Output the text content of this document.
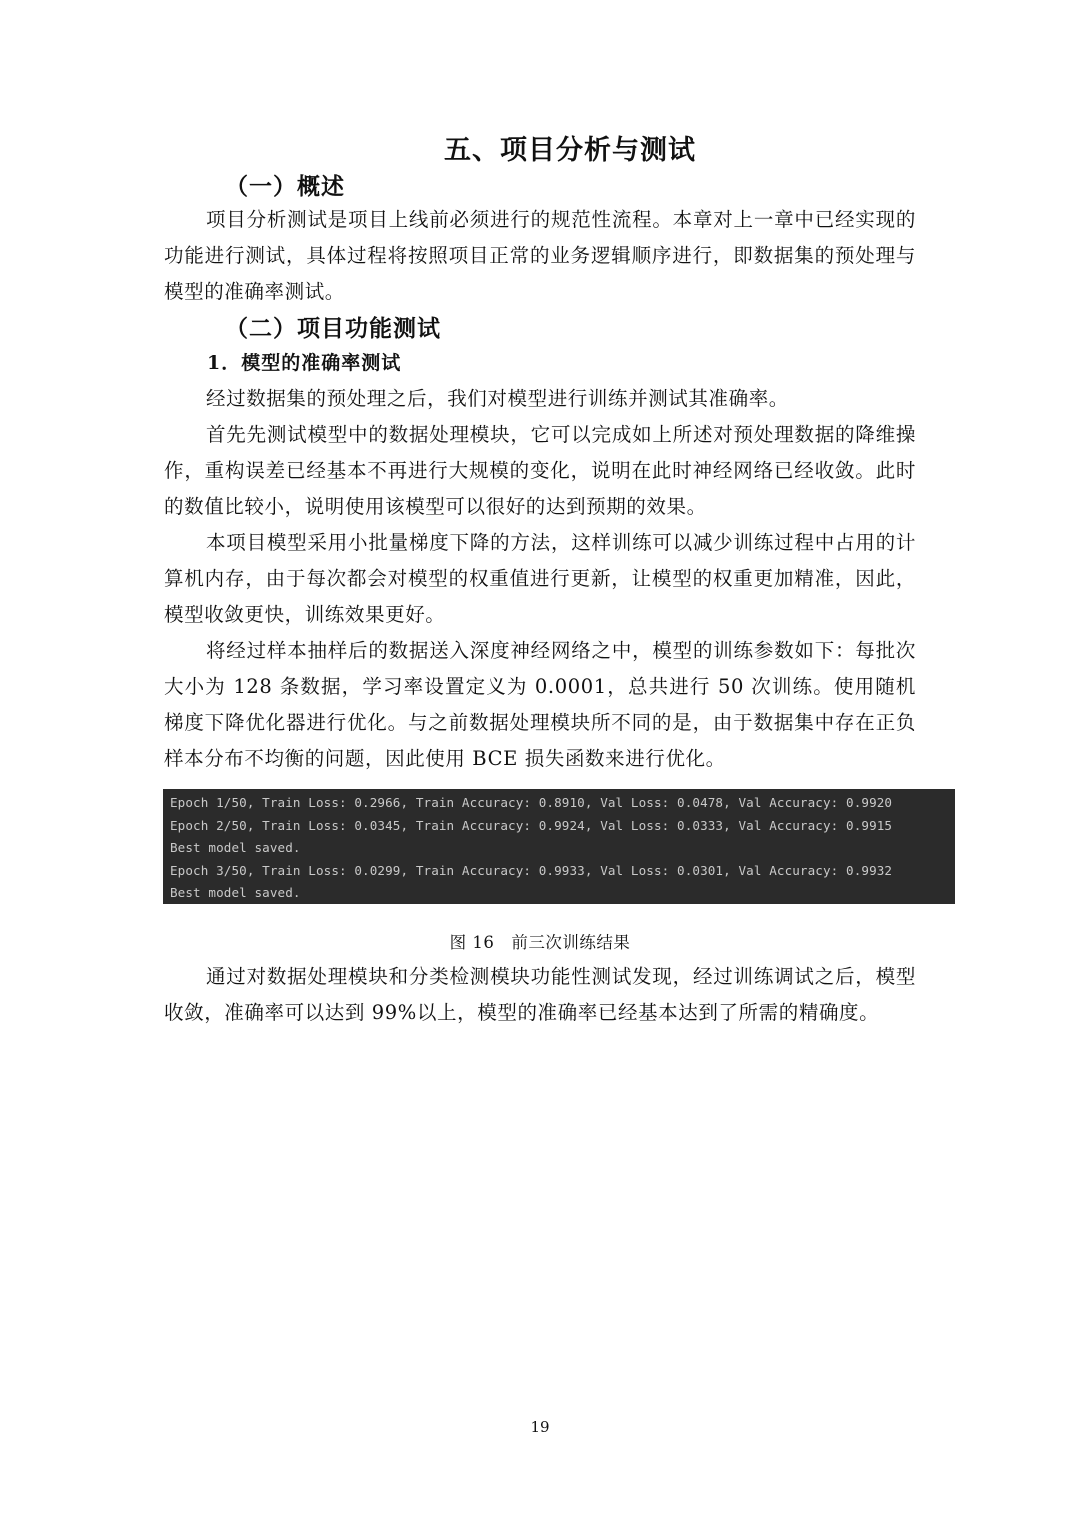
五、项目分析与测试
（一）概述

项目分析测试是项目上线前必须进行的规范性流程。本章对上一章中已经实现的功能进行测试，具体过程将按照项目正常的业务逻辑顺序进行，即数据集的预处理与模型的准确率测试。

（二）项目功能测试
1．模型的准确率测试

经过数据集的预处理之后，我们对模型进行训练并测试其准确率。

首先先测试模型中的数据处理模块，它可以完成如上所述对预处理数据的降维操作，重构误差已经基本不再进行大规模的变化，说明在此时神经网络已经收敛。此时的数值比较小，说明使用该模型可以很好的达到预期的效果。

本项目模型采用小批量梯度下降的方法，这样训练可以减少训练过程中占用的计算机内存，由于每次都会对模型的权重值进行更新，让模型的权重更加精准，因此，模型收敛更快，训练效果更好。

将经过样本抽样后的数据送入深度神经网络之中，模型的训练参数如下：每批次大小为 128 条数据，学习率设置定义为 0.0001，总共进行 50 次训练。使用随机梯度下降优化器进行优化。与之前数据处理模块所不同的是，由于数据集中存在正负样本分布不均衡的问题，因此使用 BCE 损失函数来进行优化。

Epoch 1/50, Train Loss: 0.2966, Train Accuracy: 0.8910, Val Loss: 0.0478, Val Accuracy: 0.9920
Epoch 2/50, Train Loss: 0.0345, Train Accuracy: 0.9924, Val Loss: 0.0333, Val Accuracy: 0.9915
Best model saved.
Epoch 3/50, Train Loss: 0.0299, Train Accuracy: 0.9933, Val Loss: 0.0301, Val Accuracy: 0.9932
Best model saved.
图 16　前三次训练结果

通过对数据处理模块和分类检测模块功能性测试发现，经过训练调试之后，模型收敛，准确率可以达到 99%以上，模型的准确率已经基本达到了所需的精确度。

19
